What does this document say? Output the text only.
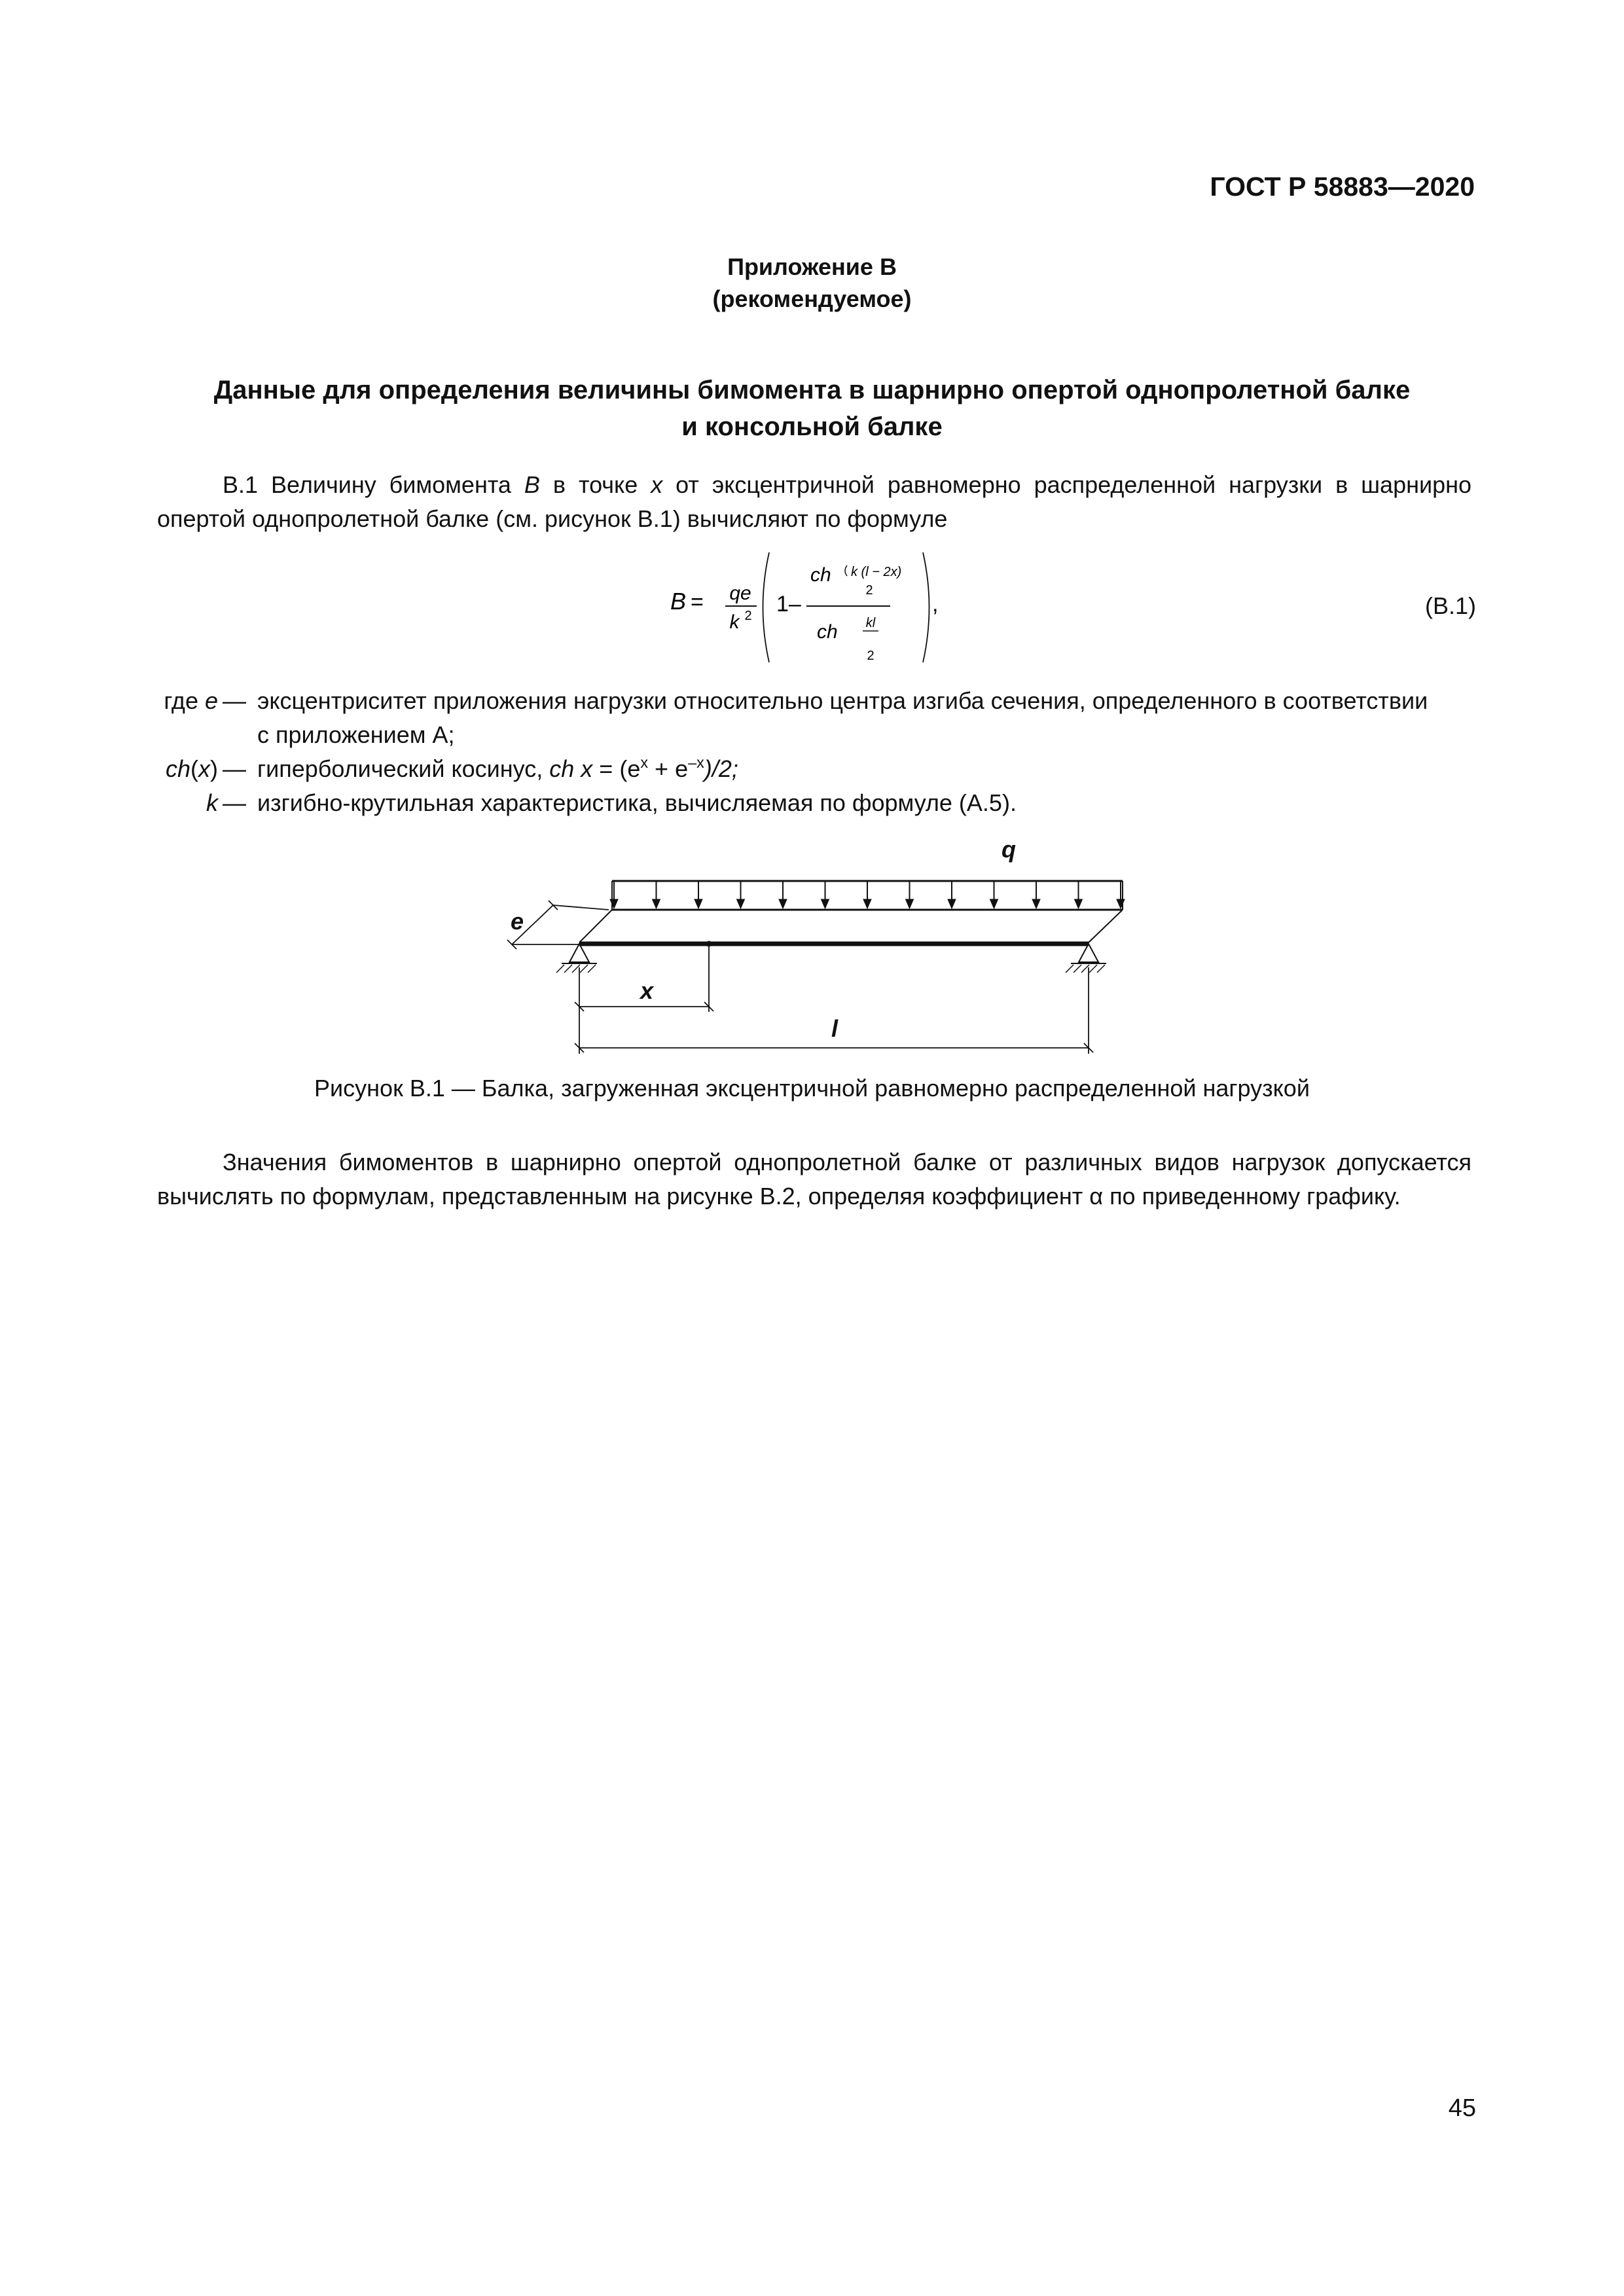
ГОСТ Р 58883—2020
Приложение В
(рекомендуемое)
Данные для определения величины бимомента в шарнирно опертой однопролетной балке
и консольной балке
В.1 Величину бимомента B в точке x от эксцентричной равномерно распределенной нагрузки в шарнирно опертой однопролетной балке (см. рисунок В.1) вычисляют по формуле
B = qe
k 2 1–
ch k (l − 2x)
2
ch kl
2
,	(В.1)
где e — эксцентриситет приложения нагрузки относительно центра изгиба сечения, определенного в соответствии
с приложением А;
ch(x) — гиперболический косинус, ch $x = (e^x + e^{-x})/2$;
k — изгибно-крутильная характеристика, вычисляемая по формуле (А.5).
q
e
x
l
Рисунок В.1 — Балка, загруженная эксцентричной равномерно распределенной нагрузкой
Значения бимоментов в шарнирно опертой однопролетной балке от различных видов нагрузок допускается вычислять по формулам, представленным на рисунке В.2, определяя коэффициент α по приведенному графику.
45
